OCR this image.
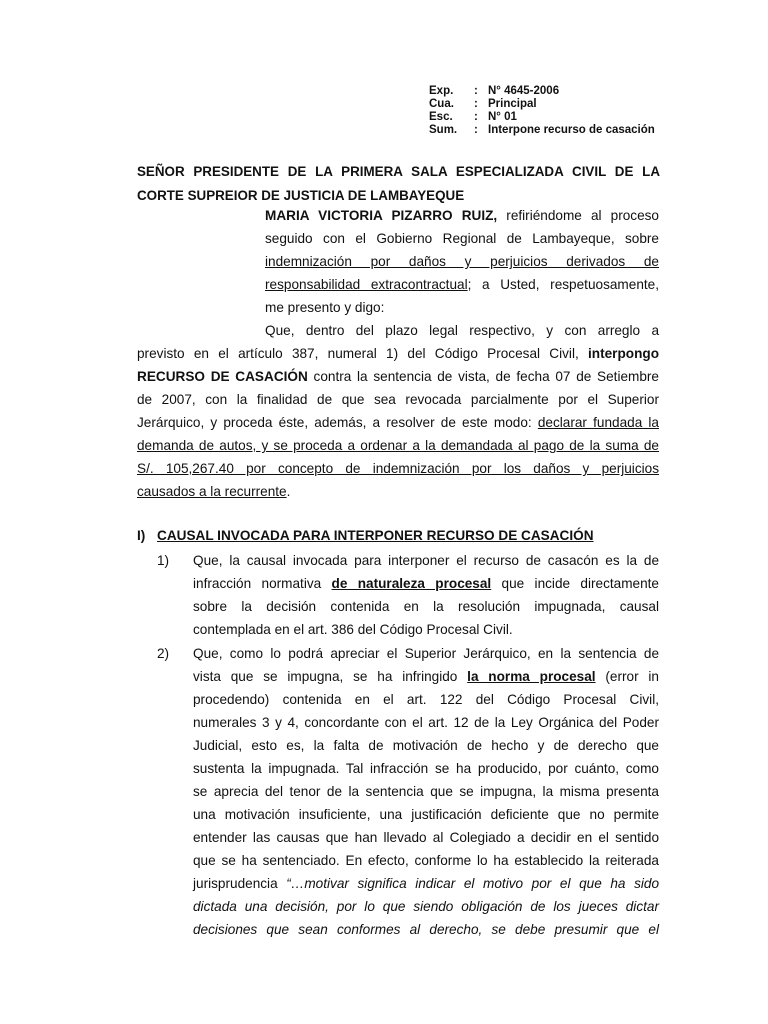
Exp.	: N° 4645-2006
Cua.	: Principal
Esc.	: N° 01
Sum.	: Interpone recurso de casación
SEÑOR PRESIDENTE DE LA PRIMERA SALA ESPECIALIZADA CIVIL DE LA CORTE SUPREIOR DE JUSTICIA DE LAMBAYEQUE
MARIA VICTORIA PIZARRO RUIZ, refiriéndome al proceso
seguido con el Gobierno Regional de Lambayeque, sobre
indemnización por daños y perjuicios derivados de
responsabilidad extracontractual; a Usted, respetuosamente,
me presento y digo:
Que, dentro del plazo legal respectivo, y con arreglo a
previsto en el artículo 387, numeral 1) del Código Procesal Civil, interpongo
RECURSO DE CASACIÓN contra la sentencia de vista, de fecha 07 de Setiembre
de 2007, con la finalidad de que sea revocada parcialmente por el Superior
Jerárquico, y proceda éste, además, a resolver de este modo: declarar fundada la
demanda de autos, y se proceda a ordenar a la demandada al pago de la suma de
S/. 105,267.40 por concepto de indemnización por los daños y perjuicios
causados a la recurrente.
I) CAUSAL INVOCADA PARA INTERPONER RECURSO DE CASACIÓN
1) Que, la causal invocada para interponer el recurso de casacón es la de
infracción normativa de naturaleza procesal que incide directamente
sobre la decisión contenida en la resolución impugnada, causal
contemplada en el art. 386 del Código Procesal Civil.
2) Que, como lo podrá apreciar el Superior Jerárquico, en la sentencia de
vista que se impugna, se ha infringido la norma procesal (error in
procedendo) contenida en el art. 122 del Código Procesal Civil,
numerales 3 y 4, concordante con el art. 12 de la Ley Orgánica del Poder
Judicial, esto es, la falta de motivación de hecho y de derecho que
sustenta la impugnada. Tal infracción se ha producido, por cuánto, como
se aprecia del tenor de la sentencia que se impugna, la misma presenta
una motivación insuficiente, una justificación deficiente que no permite
entender las causas que han llevado al Colegiado a decidir en el sentido
que se ha sentenciado. En efecto, conforme lo ha establecido la reiterada
jurisprudencia “…motivar significa indicar el motivo por el que ha sido
dictada una decisión, por lo que siendo obligación de los jueces dictar
decisiones que sean conformes al derecho, se debe presumir que el
